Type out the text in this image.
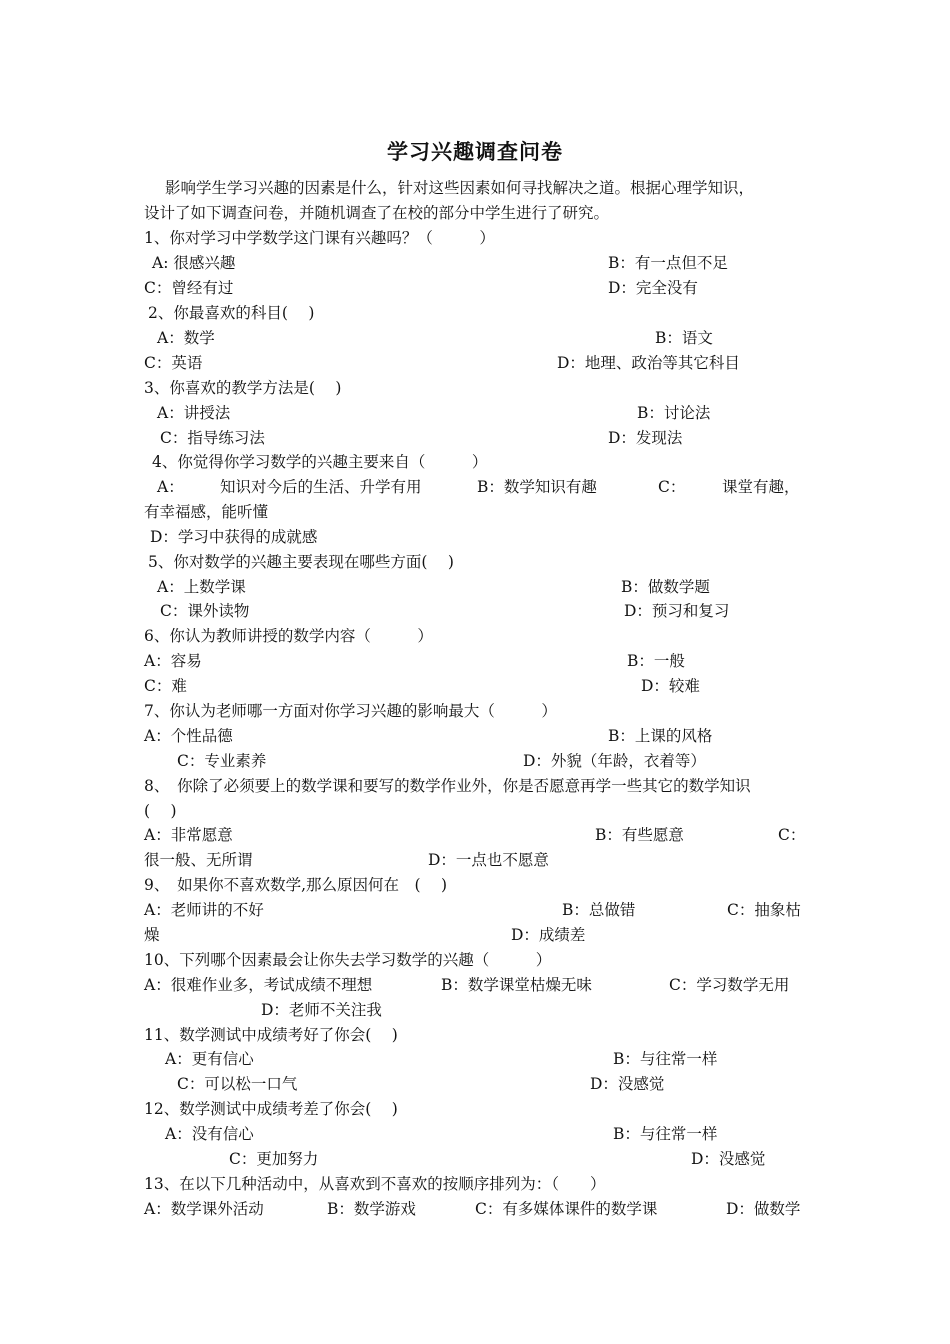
学习兴趣调查问卷
影响学生学习兴趣的因素是什么，针对这些因素如何寻找解决之道。根据心理学知识，
设计了如下调查问卷，并随机调查了在校的部分中学生进行了研究。
1、你对学习中学数学这门课有兴趣吗？（　　　）
A: 很感兴趣	B：有一点但不足
C：曾经有过	D：完全没有
2、你最喜欢的科目(　 )
A：数学	B：语文
C：英语	D：地理、政治等其它科目
3、你喜欢的教学方法是(　 )
A：讲授法	B：讨论法
C：指导练习法	D：发现法
4、你觉得你学习数学的兴趣主要来自（　　　）
A： 知识对今后的生活、升学有用	B：数学知识有趣	C： 课堂有趣，
有幸福感，能听懂
D：学习中获得的成就感
5、你对数学的兴趣主要表现在哪些方面(　 )
A：上数学课	B：做数学题
C：课外读物	D：预习和复习
6、你认为教师讲授的数学内容（　　　）
A：容易	B：一般
C：难	D：较难
7、你认为老师哪一方面对你学习兴趣的影响最大（　　　）
A：个性品德	B：上课的风格
C：专业素养	D：外貌（年龄，衣着等）
8、　你除了必须要上的数学课和要写的数学作业外，你是否愿意再学一些其它的数学知识
(　 )
A：非常愿意	B：有些愿意	C：
很一般、无所谓	D：一点也不愿意
9、　如果你不喜欢数学,那么原因何在　(　 )
A：老师讲的不好	B：总做错	C：抽象枯
燥	D：成绩差
10、下列哪个因素最会让你失去学习数学的兴趣（　　　）
A：很难作业多，考试成绩不理想	B：数学课堂枯燥无味	C：学习数学无用
D：老师不关注我
11、数学测试中成绩考好了你会(　 )
A：更有信心	B：与往常一样
C：可以松一口气	D：没感觉
12、数学测试中成绩考差了你会(　 )
A：没有信心	B：与往常一样
C：更加努力	D：没感觉
13、在以下几种活动中，从喜欢到不喜欢的按顺序排列为：（　　）
A：数学课外活动	B：数学游戏	C：有多媒体课件的数学课	D：做数学
